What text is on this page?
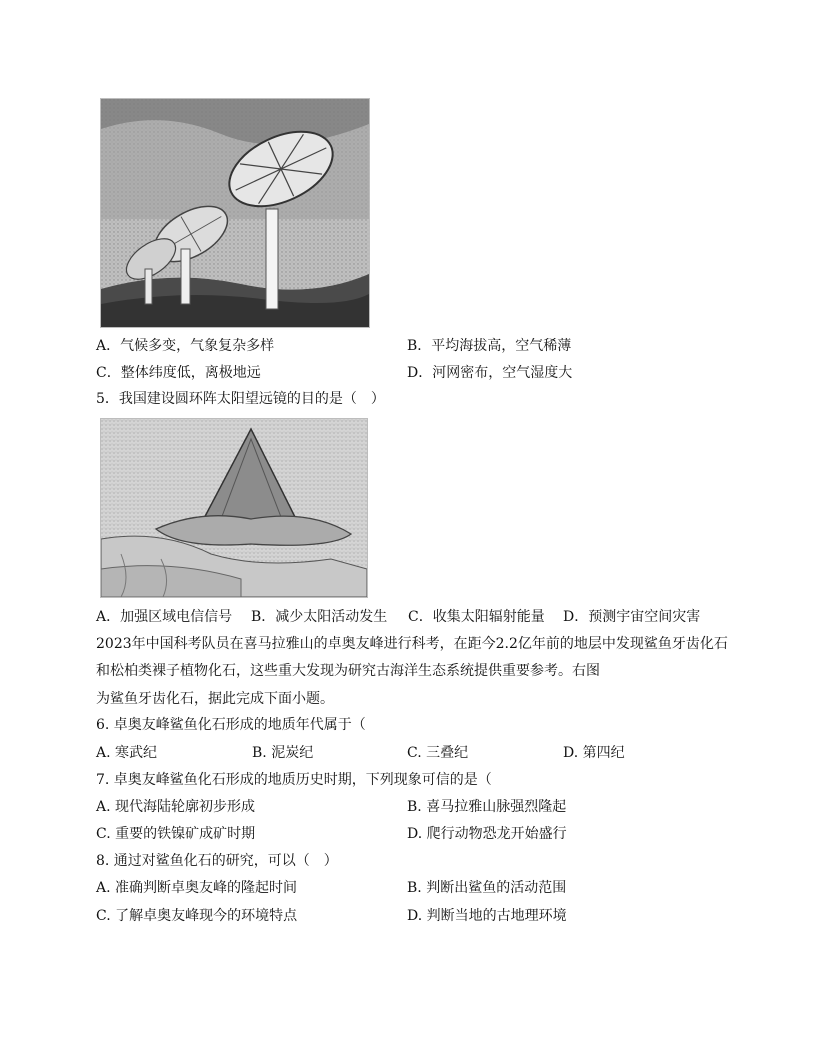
A．气候多变，气象复杂多样	B．平均海拔高，空气稀薄
C．整体纬度低，离极地远	D．河网密布，空气湿度大
5．我国建设圆环阵太阳望远镜的目的是（　）
A．加强区域电信信号 B．减少太阳活动发生 C．收集太阳辐射能量 D．预测宇宙空间灾害
2023年中国科考队员在喜马拉雅山的卓奥友峰进行科考，在距今2.2亿年前的地层中发现鲨鱼牙齿化石
和松柏类裸子植物化石，这些重大发现为研究古海洋生态系统提供重要参考。右图
为鲨鱼牙齿化石，据此完成下面小题。
6. 卓奥友峰鲨鱼化石形成的地质年代属于（
A. 寒武纪	B. 泥炭纪	C. 三叠纪	D. 第四纪
7. 卓奥友峰鲨鱼化石形成的地质历史时期，下列现象可信的是（
A. 现代海陆轮廓初步形成	B. 喜马拉雅山脉强烈隆起
C. 重要的铁镍矿成矿时期	D. 爬行动物恐龙开始盛行
8. 通过对鲨鱼化石的研究，可以（　）
A. 准确判断卓奥友峰的隆起时间	B. 判断出鲨鱼的活动范围
C. 了解卓奥友峰现今的环境特点	D. 判断当地的古地理环境
